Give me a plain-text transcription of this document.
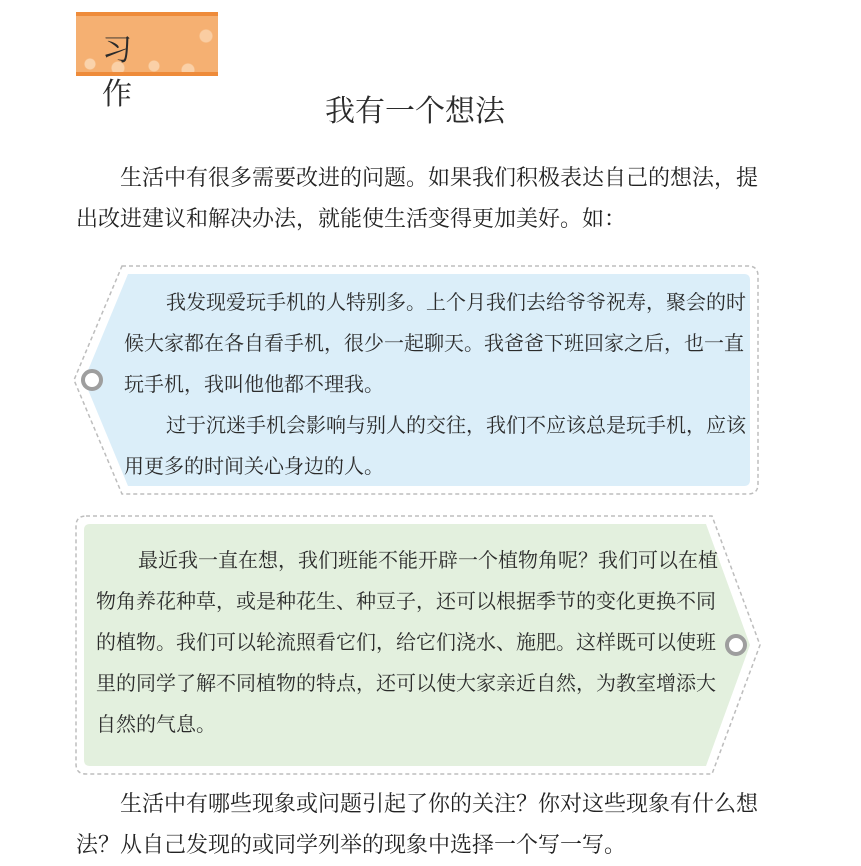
习 作	我有一个想法

生活中有很多需要改进的问题。如果我们积极表达自己的想法，提出改进建议和解决办法，就能使生活变得更加美好。如：

我发现爱玩手机的人特别多。上个月我们去给爷爷祝寿，聚会的时候大家都在各自看手机，很少一起聊天。我爸爸下班回家之后，也一直玩手机，我叫他他都不理我。

过于沉迷手机会影响与别人的交往，我们不应该总是玩手机，应该用更多的时间关心身边的人。

最近我一直在想，我们班能不能开辟一个植物角呢？我们可以在植物角养花种草，或是种花生、种豆子，还可以根据季节的变化更换不同的植物。我们可以轮流照看它们，给它们浇水、施肥。这样既可以使班里的同学了解不同植物的特点，还可以使大家亲近自然，为教室增添大自然的气息。

生活中有哪些现象或问题引起了你的关注？你对这些现象有什么想法？从自己发现的或同学列举的现象中选择一个写一写。
